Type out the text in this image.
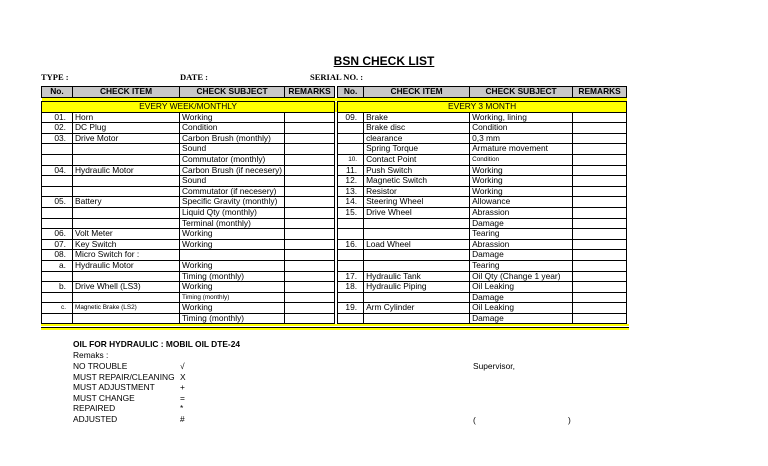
BSN CHECK LIST
TYPE :	DATE :	SERIAL NO. :
No.	CHECK ITEM	CHECK SUBJECT	REMARKS		No.	CHECK ITEM	CHECK SUBJECT	REMARKS

EVERY WEEK/MONTHLY					EVERY 3 MONTH			
01.	Horn	Working			09.	Brake	Working, lining	
02.	DC Plug	Condition				Brake disc	Condition	
03.	Drive Motor	Carbon Brush (monthly)				clearance	0,3 mm	
		Sound				Spring Torque	Armature movement	
		Commutator (monthly)			10.	Contact Point	Condition	
04.	Hydraulic Motor	Carbon Brush (if necesery)			11.	Push Switch	Working	
		Sound			12.	Magnetic Switch	Working	
		Commutator (if necesery)			13.	Resistor	Working	
05.	Battery	Specific Gravity (monthly)			14.	Steering Wheel	Allowance	
		Liquid Qty (monthly)			15.	Drive Wheel	Abrassion	
		Terminal (monthly)					Damage	
06.	Volt Meter	Working					Tearing	
07.	Key Switch	Working			16.	Load Wheel	Abrassion	
08.	Micro Switch for :						Damage	
a.	Hydraulic Motor	Working					Tearing	
		Timing (monthly)			17.	Hydraulic Tank	Oil Qty (Change 1 year)	
b.	Drive Whell (LS3)	Working			18.	Hydraulic Piping	Oil Leaking	
		Timing (monthly)					Damage	
c.	Magnetic Brake (LS2)	Working			19.	Arm Cylinder	Oil Leaking	
		Timing (monthly)					Damage	
OIL FOR HYDRAULIC : MOBIL OIL DTE-24
Remaks :
NO TROUBLE	√
MUST REPAIR/CLEANING X
MUST ADJUSTMENT	+
MUST CHANGE	=
REPAIRED	*
ADJUSTED	#
Supervisor,
(	)
